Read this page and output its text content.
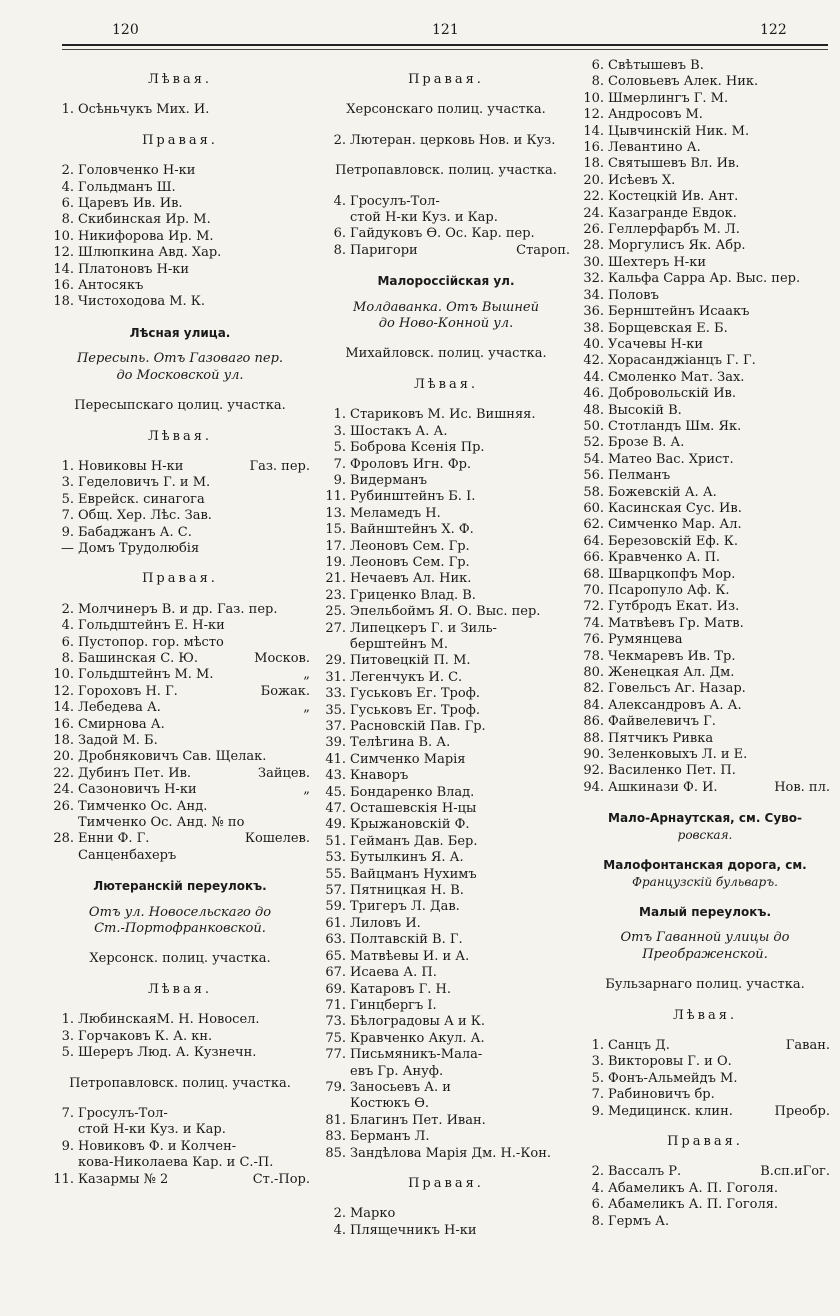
120	121	122
Лѣвая.
1. Осѣньчукъ Мих. И.
Правая.
2. Головченко Н-ки
4. Гольдманъ Ш.
6. Царевъ Ив. Ив.
8. Скибинская Ир. М.
10. Никифорова Ир. М.
12. Шлюпкина Авд. Хар.
14. Платоновъ Н-ки
16. Антосякъ
18. Чистоходова М. К.
Лѣсная улица.
Пересыпь. Отъ Газоваго пер.
до Московской ул.
Пересыпскаго цолиц. участка.
Лѣвая.
1. Новиковы Н-ки	Газ. пер.
3. Геделовичъ Г. и М.
5. Еврейск. синагога
7. Общ. Хер. Лѣс. Зав.
9. Бабаджанъ А. С.
— Домъ Трудолюбія
Правая.
2. Молчинеръ В. и др. Газ. пер.
4. Гольдштейнъ Е. Н-ки
6. Пустопор. гор. мѣсто
8. Башинская С. Ю.	Москов.
10. Гольдштейнъ М. М.	„
12. Гороховъ Н. Г.	Божак.
14. Лебедева А.	„
16. Смирнова А.
18. Задой М. Б.
20. Дробняковичъ Сав. Щелак.
22. Дубинъ Пет. Ив.	Зайцев.
24. Сазоновичъ Н-ки	„
26. Тимченко Ос. Анд.
Тимченко Ос. Анд. № по
28. Енни Ф. Г.	Кошелев.
Санценбахеръ
Лютеранскій переулокъ.
Отъ ул. Новосельскаго до
Ст.-Портофранковской.
Херсонск. полиц. участка.
Лѣвая.
1. ЛюбинскаяМ. Н. Новосел.
3. Горчаковъ К. А. кн.
5. Шереръ Люд. А. Кузнечн.
Петропавловск. полиц. участка.
7. Гросулъ-Тол-
стой Н-ки Куз. и Кар.
9. Новиковъ Ф. и Колчен-
кова-Николаева Кар. и С.-П.
11. Казармы № 2	Ст.-Пор.
Правая.
Херсонскаго полиц. участка.
2. Лютеран. церковь Нов. и Куз.
Петропавловск. полиц. участка.
4. Гросулъ-Тол-
стой Н-ки Куз. и Кар.
6. Гайдуковъ Ѳ. Ос. Кар. пер.
8. Паригори	Староп.
Малороссійская ул.
Молдаванка. Отъ Вышней
до Ново-Конной ул.
Михайловск. полиц. участка.
Лѣвая.
1. Стариковъ М. Ис. Вишняя.
3. Шостакъ А. А.
5. Боброва Ксенія Пр.
7. Фроловъ Игн. Фр.
9. Видерманъ
11. Рубинштейнъ Б. І.
13. Меламедъ Н.
15. Вайнштейнъ Х. Ф.
17. Леоновъ Сем. Гр.
19. Леоновъ Сем. Гр.
21. Нечаевъ Ал. Ник.
23. Гриценко Влад. В.
25. Эпельбоймъ Я. О. Выс. пер.
27. Липецкеръ Г. и Зиль-
берштейнъ М.
29. Питовецкій П. М.
31. Легенчукъ И. С.
33. Гуськовъ Ег. Троф.
35. Гуськовъ Ег. Троф.
37. Расновскій Пав. Гр.
39. Телѣгина В. А.
41. Симченко Марія
43. Кнаворъ
45. Бондаренко Влад.
47. Осташевскія Н-цы
49. Крыжановскій Ф.
51. Гейманъ Дав. Бер.
53. Бутылкинъ Я. А.
55. Вайцманъ Нухимъ
57. Пятницкая Н. В.
59. Тригеръ Л. Дав.
61. Лиловъ И.
63. Полтавскій В. Г.
65. Матвѣевы И. и А.
67. Исаева А. П.
69. Катаровъ Г. Н.
71. Гинцбергъ І.
73. Бѣлоградовы А и К.
75. Кравченко Акул. А.
77. Письмяникъ-Мала-
евъ Гр. Ануф.
79. Заносьевъ А. и
Костюкъ Ѳ.
81. Благинъ Пет. Иван.
83. Берманъ Л.
85. Зандѣлова Марія Дм. Н.-Кон.
Правая.
2. Марко
4. Плящечникъ Н-ки
6. Свѣтышевъ В.
8. Соловьевъ Алек. Ник.
10. Шмерлингъ Г. М.
12. Андросовъ М.
14. Цывчинскій Ник. М.
16. Левантино А.
18. Святышевъ Вл. Ив.
20. Исѣевъ Х.
22. Костецкій Ив. Ант.
24. Казагранде Евдок.
26. Геллерфарбъ М. Л.
28. Моргулисъ Як. Абр.
30. Шехтеръ Н-ки
32. Кальфа Сарра Ар. Выс. пер.
34. Половъ
36. Бернштейнъ Исаакъ
38. Борщевская Е. Б.
40. Усачевы Н-ки
42. Хорасанджіанцъ Г. Г.
44. Смоленко Мат. Зах.
46. Добровольскій Ив.
48. Высокій В.
50. Стотландъ Шм. Як.
52. Брозе В. А.
54. Матео Вас. Христ.
56. Пелманъ
58. Божевскій А. А.
60. Касинская Сус. Ив.
62. Симченко Мар. Ал.
64. Березовскій Еф. К.
66. Кравченко А. П.
68. Шварцкопфъ Мор.
70. Псаропуло Аф. К.
72. Гутбродъ Екат. Из.
74. Матвѣевъ Гр. Матв.
76. Румянцева
78. Чекмаревъ Ив. Тр.
80. Женецкая Ал. Дм.
82. Говельсъ Аг. Назар.
84. Александровъ А. А.
86. Файвелевичъ Г.
88. Пятчикъ Ривка
90. Зеленковыхъ Л. и Е.
92. Василенко Пет. П.
94. Ашкинази Ф. И.	Нов. пл.
Мало-Арнаутская, см. Суво-
ровская.
Малофонтанская дорога, см.
Французскій бульваръ.
Малый переулокъ.
Отъ Гаванной улицы до
Преображенской.
Бульзарнаго полиц. участка.
Лѣвая.
1. Санцъ Д.	Гаван.
3. Викторовы Г. и О.
5. Фонъ-Альмейдъ М.
7. Рабиновичъ бр.
9. Медицинск. клин.	Преобр.
Правая.
2. Вассалъ Р.	В.сп.иГог.
4. Абамеликъ А. П. Гоголя.
6. Абамеликъ А. П. Гоголя.
8. Гермъ А.
